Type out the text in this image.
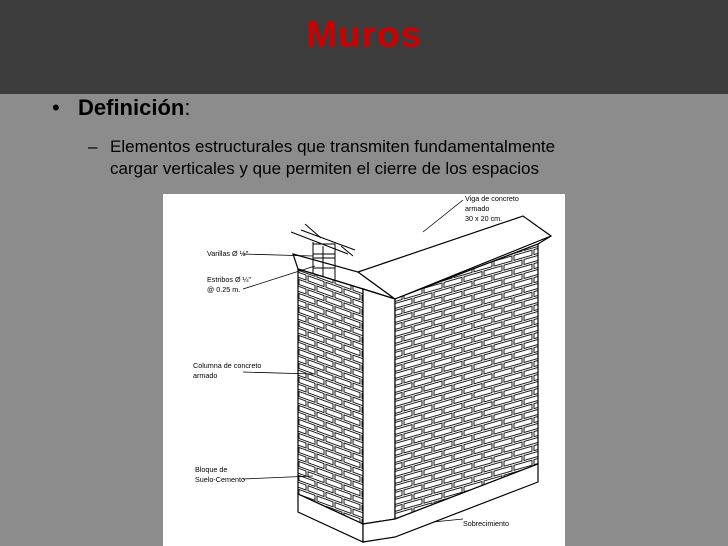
Muros
• Definición:
– Elementos estructurales que transmiten fundamentalmente
cargar verticales y que permiten el cierre de los espacios
Varillas Ø ½"
Estribos Ø ¼"
@ 0.25 m.
Columna de concreto
armado
Bloque de
Suelo-Cemento
Viga de concreto
armado
30 x 20 cm.
Sobrecimiento
